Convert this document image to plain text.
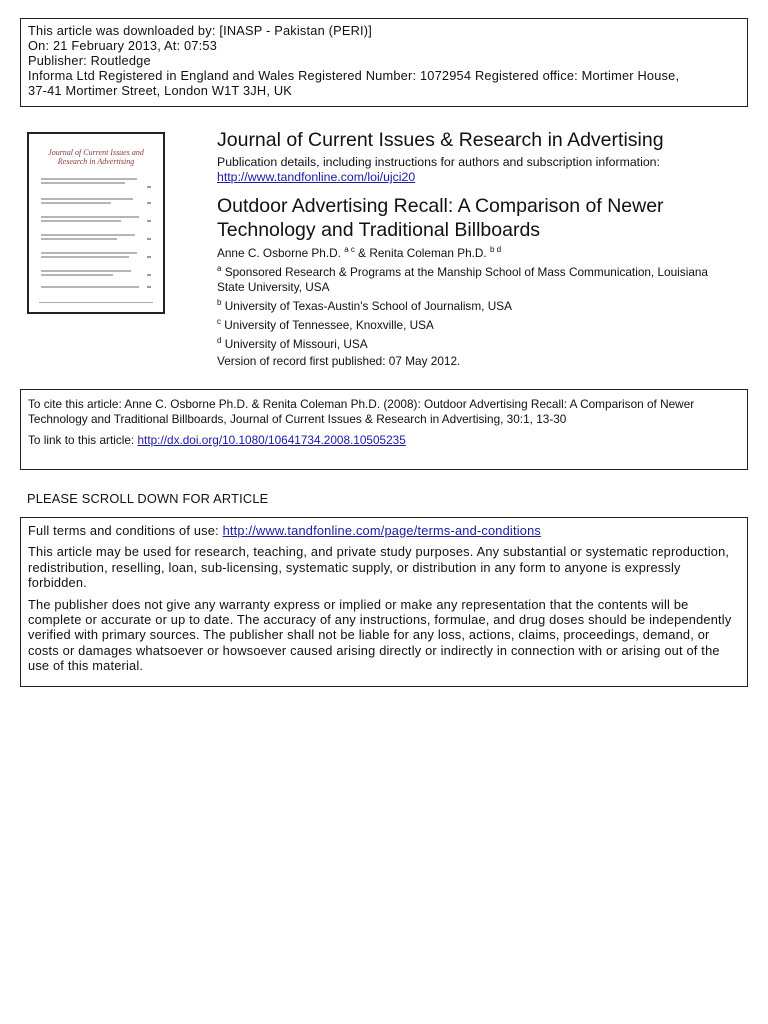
This article was downloaded by: [INASP - Pakistan (PERI)]
On: 21 February 2013, At: 07:53
Publisher: Routledge
Informa Ltd Registered in England and Wales Registered Number: 1072954 Registered office: Mortimer House,
37-41 Mortimer Street, London W1T 3JH, UK
Journal of Current Issues and
Research in Advertising
Journal of Current Issues & Research in Advertising
Publication details, including instructions for authors and subscription information:
http://www.tandfonline.com/loi/ujci20
Outdoor Advertising Recall: A Comparison of Newer Technology and Traditional Billboards
Anne C. Osborne Ph.D. $^{a c}$ & Renita Coleman Ph.D. $^{b d}$
$^a$ Sponsored Research & Programs at the Manship School of Mass Communication, Louisiana State University, USA
$^b$ University of Texas-Austin's School of Journalism, USA
$^c$ University of Tennessee, Knoxville, USA
$^d$ University of Missouri, USA
Version of record first published: 07 May 2012.
To cite this article: Anne C. Osborne Ph.D. & Renita Coleman Ph.D. (2008): Outdoor Advertising Recall: A Comparison of Newer Technology and Traditional Billboards, Journal of Current Issues & Research in Advertising, 30:1, 13-30
To link to this article: http://dx.doi.org/10.1080/10641734.2008.10505235
PLEASE SCROLL DOWN FOR ARTICLE

Full terms and conditions of use: http://www.tandfonline.com/page/terms-and-conditions

This article may be used for research, teaching, and private study purposes. Any substantial or systematic reproduction, redistribution, reselling, loan, sub-licensing, systematic supply, or distribution in any form to anyone is expressly forbidden.

The publisher does not give any warranty express or implied or make any representation that the contents will be complete or accurate or up to date. The accuracy of any instructions, formulae, and drug doses should be independently verified with primary sources. The publisher shall not be liable for any loss, actions, claims, proceedings, demand, or costs or damages whatsoever or howsoever caused arising directly or indirectly in connection with or arising out of the use of this material.
